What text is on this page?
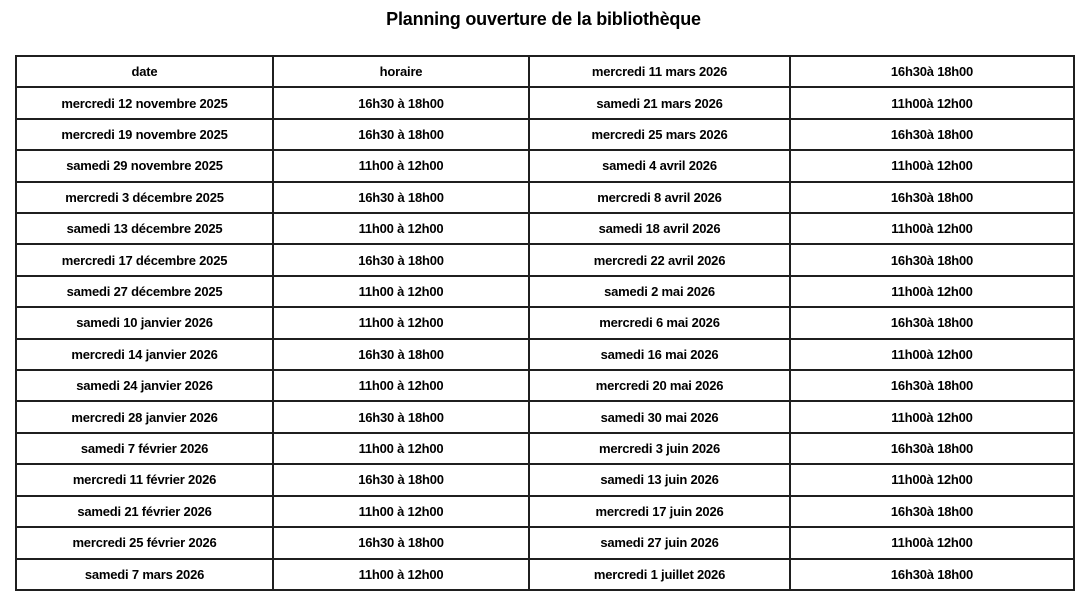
Planning ouverture de la bibliothèque
date	horaire	mercredi 11 mars 2026	16h30à 18h00
mercredi 12 novembre 2025	16h30 à 18h00	samedi 21 mars 2026	11h00à 12h00
mercredi 19 novembre 2025	16h30 à 18h00	mercredi 25 mars 2026	16h30à 18h00
samedi 29 novembre 2025	11h00 à 12h00	samedi 4 avril 2026	11h00à 12h00
mercredi 3 décembre 2025	16h30 à 18h00	mercredi 8 avril 2026	16h30à 18h00
samedi 13 décembre 2025	11h00 à 12h00	samedi 18 avril 2026	11h00à 12h00
mercredi 17 décembre 2025	16h30 à 18h00	mercredi 22 avril 2026	16h30à 18h00
samedi 27 décembre 2025	11h00 à 12h00	samedi 2 mai 2026	11h00à 12h00
samedi 10 janvier 2026	11h00 à 12h00	mercredi 6 mai 2026	16h30à 18h00
mercredi 14 janvier 2026	16h30 à 18h00	samedi 16 mai 2026	11h00à 12h00
samedi 24 janvier 2026	11h00 à 12h00	mercredi 20 mai 2026	16h30à 18h00
mercredi 28 janvier 2026	16h30 à 18h00	samedi 30 mai 2026	11h00à 12h00
samedi 7 février 2026	11h00 à 12h00	mercredi 3 juin 2026	16h30à 18h00
mercredi 11 février 2026	16h30 à 18h00	samedi 13 juin 2026	11h00à 12h00
samedi 21 février 2026	11h00 à 12h00	mercredi 17 juin 2026	16h30à 18h00
mercredi 25 février 2026	16h30 à 18h00	samedi 27 juin 2026	11h00à 12h00
samedi 7 mars 2026	11h00 à 12h00	mercredi 1 juillet 2026	16h30à 18h00
